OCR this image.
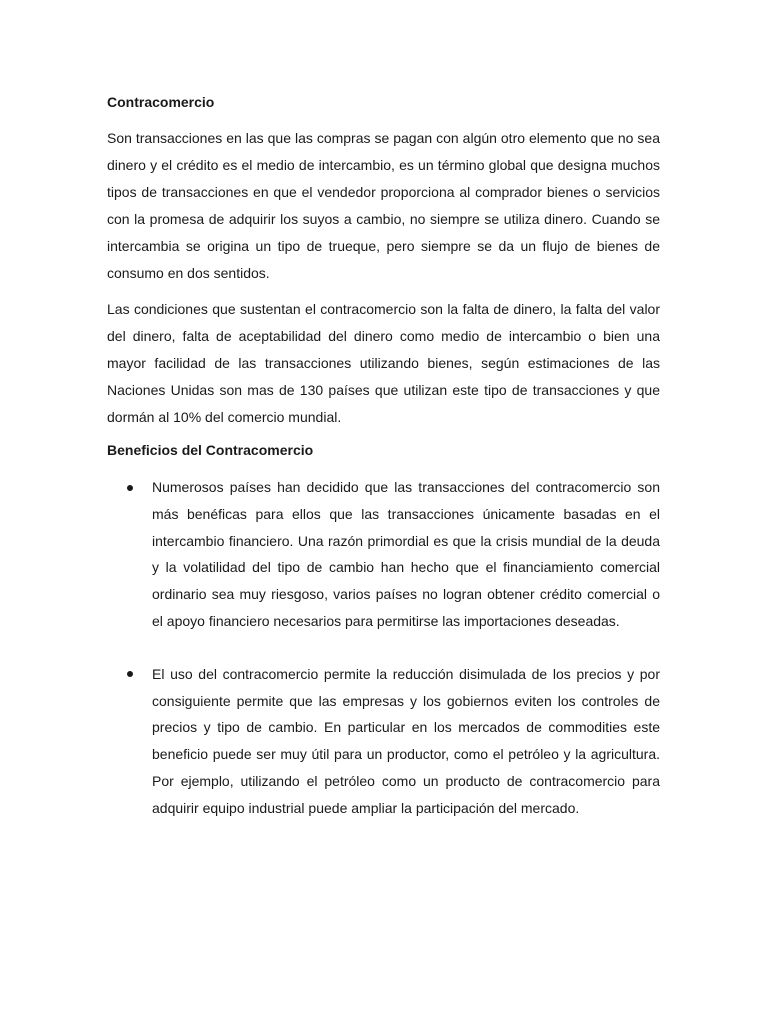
Contracomercio

Son transacciones en las que las compras se pagan con algún otro elemento que no sea dinero y el crédito es el medio de intercambio, es un término global que designa muchos tipos de transacciones en que el vendedor proporciona al comprador bienes o servicios con la promesa de adquirir los suyos a cambio, no siempre se utiliza dinero. Cuando se intercambia se origina un tipo de trueque, pero siempre se da un flujo de bienes de consumo en dos sentidos.

Las condiciones que sustentan el contracomercio son la falta de dinero, la falta del valor del dinero, falta de aceptabilidad del dinero como medio de intercambio o bien una mayor facilidad de las transacciones utilizando bienes, según estimaciones de las Naciones Unidas son mas de 130 países que utilizan este tipo de transacciones y que dormán al 10% del comercio mundial.

Beneficios del Contracomercio
Numerosos países han decidido que las transacciones del contracomercio son más benéficas para ellos que las transacciones únicamente basadas en el intercambio financiero. Una razón primordial es que la crisis mundial de la deuda y la volatilidad del tipo de cambio han hecho que el financiamiento comercial ordinario sea muy riesgoso, varios países no logran obtener crédito comercial o el apoyo financiero necesarios para permitirse las importaciones deseadas.
El uso del contracomercio permite la reducción disimulada de los precios y por consiguiente permite que las empresas y los gobiernos eviten los controles de precios y tipo de cambio. En particular en los mercados de commodities este beneficio puede ser muy útil para un productor, como el petróleo y la agricultura. Por ejemplo, utilizando el petróleo como un producto de contracomercio para adquirir equipo industrial puede ampliar la participación del mercado.
